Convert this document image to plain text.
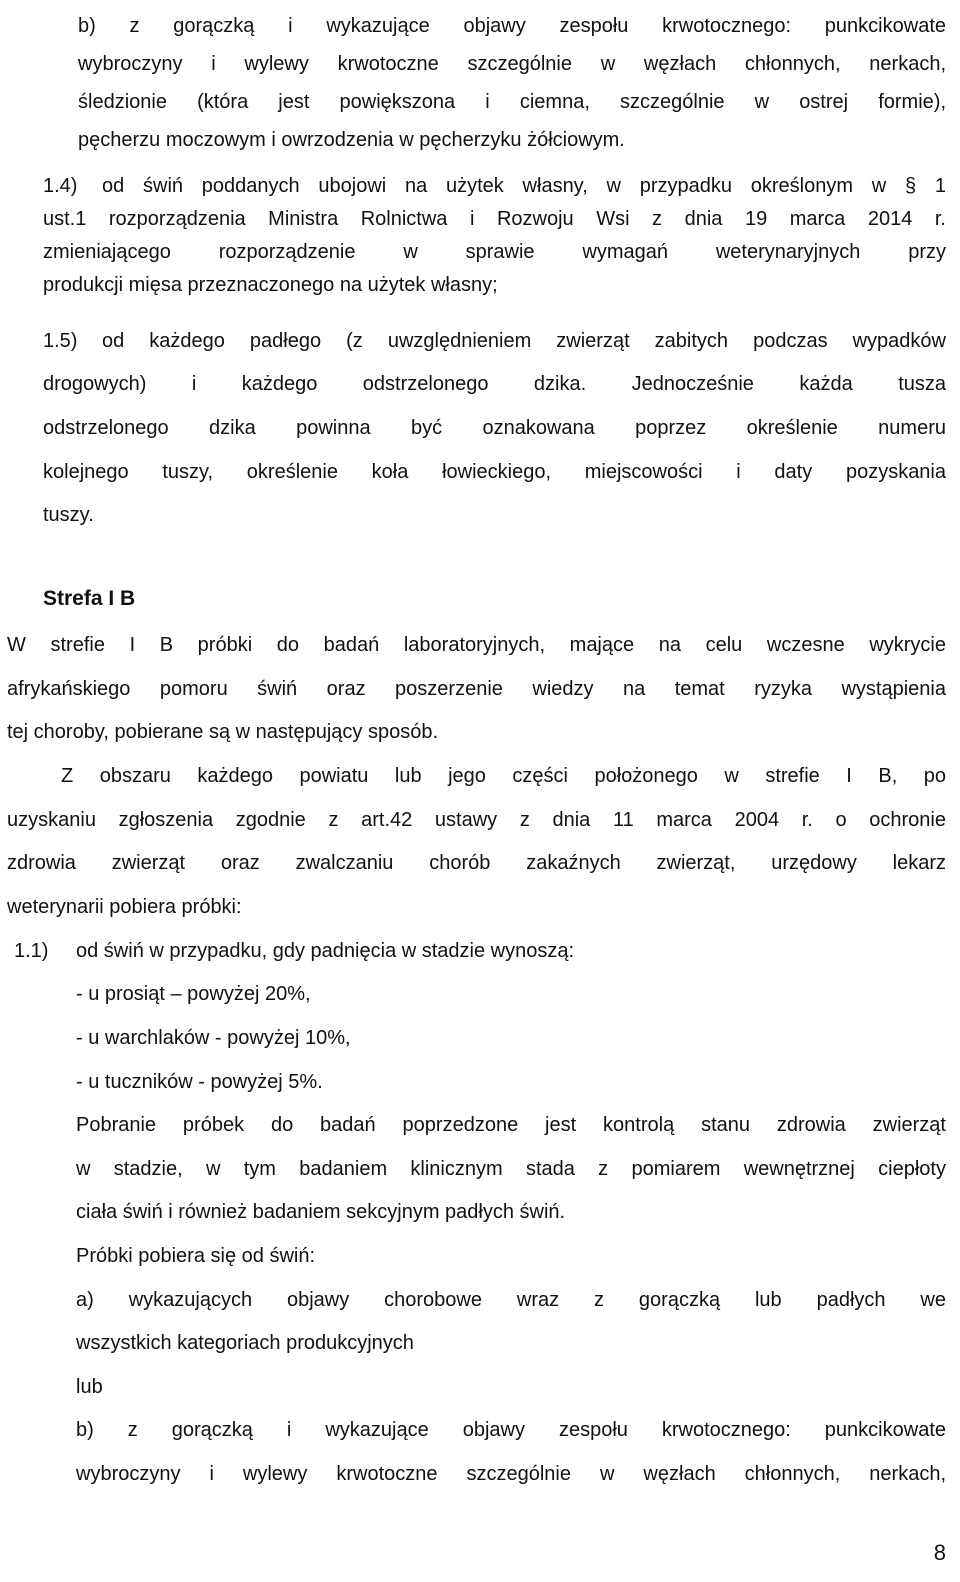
b) z gorączką i wykazujące objawy zespołu krwotocznego: punkcikowate
wybroczyny i wylewy krwotoczne szczególnie w węzłach chłonnych, nerkach,
śledzionie (która jest powiększona i ciemna, szczególnie w ostrej formie),
pęcherzu moczowym i owrzodzenia w pęcherzyku żółciowym.
1.4) od świń poddanych ubojowi na użytek własny, w przypadku określonym w § 1
ust.1 rozporządzenia Ministra Rolnictwa i Rozwoju Wsi z dnia 19 marca 2014 r.
zmieniającego rozporządzenie w sprawie wymagań weterynaryjnych przy
produkcji mięsa przeznaczonego na użytek własny;
1.5) od każdego padłego (z uwzględnieniem zwierząt zabitych podczas wypadków
drogowych) i każdego odstrzelonego dzika. Jednocześnie każda tusza
odstrzelonego dzika powinna być oznakowana poprzez określenie numeru
kolejnego tuszy, określenie koła łowieckiego, miejscowości i daty pozyskania
tuszy.
Strefa I B
W strefie I B próbki do badań laboratoryjnych, mające na celu wczesne wykrycie
afrykańskiego pomoru świń oraz poszerzenie wiedzy na temat ryzyka wystąpienia
tej choroby, pobierane są w następujący sposób.
Z obszaru każdego powiatu lub jego części położonego w strefie I B, po
uzyskaniu zgłoszenia zgodnie z art.42 ustawy z dnia 11 marca 2004 r. o ochronie
zdrowia zwierząt oraz zwalczaniu chorób zakaźnych zwierząt, urzędowy lekarz
weterynarii pobiera próbki:
1.1) od świń w przypadku, gdy padnięcia w stadzie wynoszą:
- u prosiąt – powyżej 20%,
- u warchlaków - powyżej 10%,
- u tuczników - powyżej 5%.
Pobranie próbek do badań poprzedzone jest kontrolą stanu zdrowia zwierząt
w stadzie, w tym badaniem klinicznym stada z pomiarem wewnętrznej ciepłoty
ciała świń i również badaniem sekcyjnym padłych świń.
Próbki pobiera się od świń:
a) wykazujących objawy chorobowe wraz z gorączką lub padłych we
wszystkich kategoriach produkcyjnych
lub
b) z gorączką i wykazujące objawy zespołu krwotocznego: punkcikowate
wybroczyny i wylewy krwotoczne szczególnie w węzłach chłonnych, nerkach,
8
